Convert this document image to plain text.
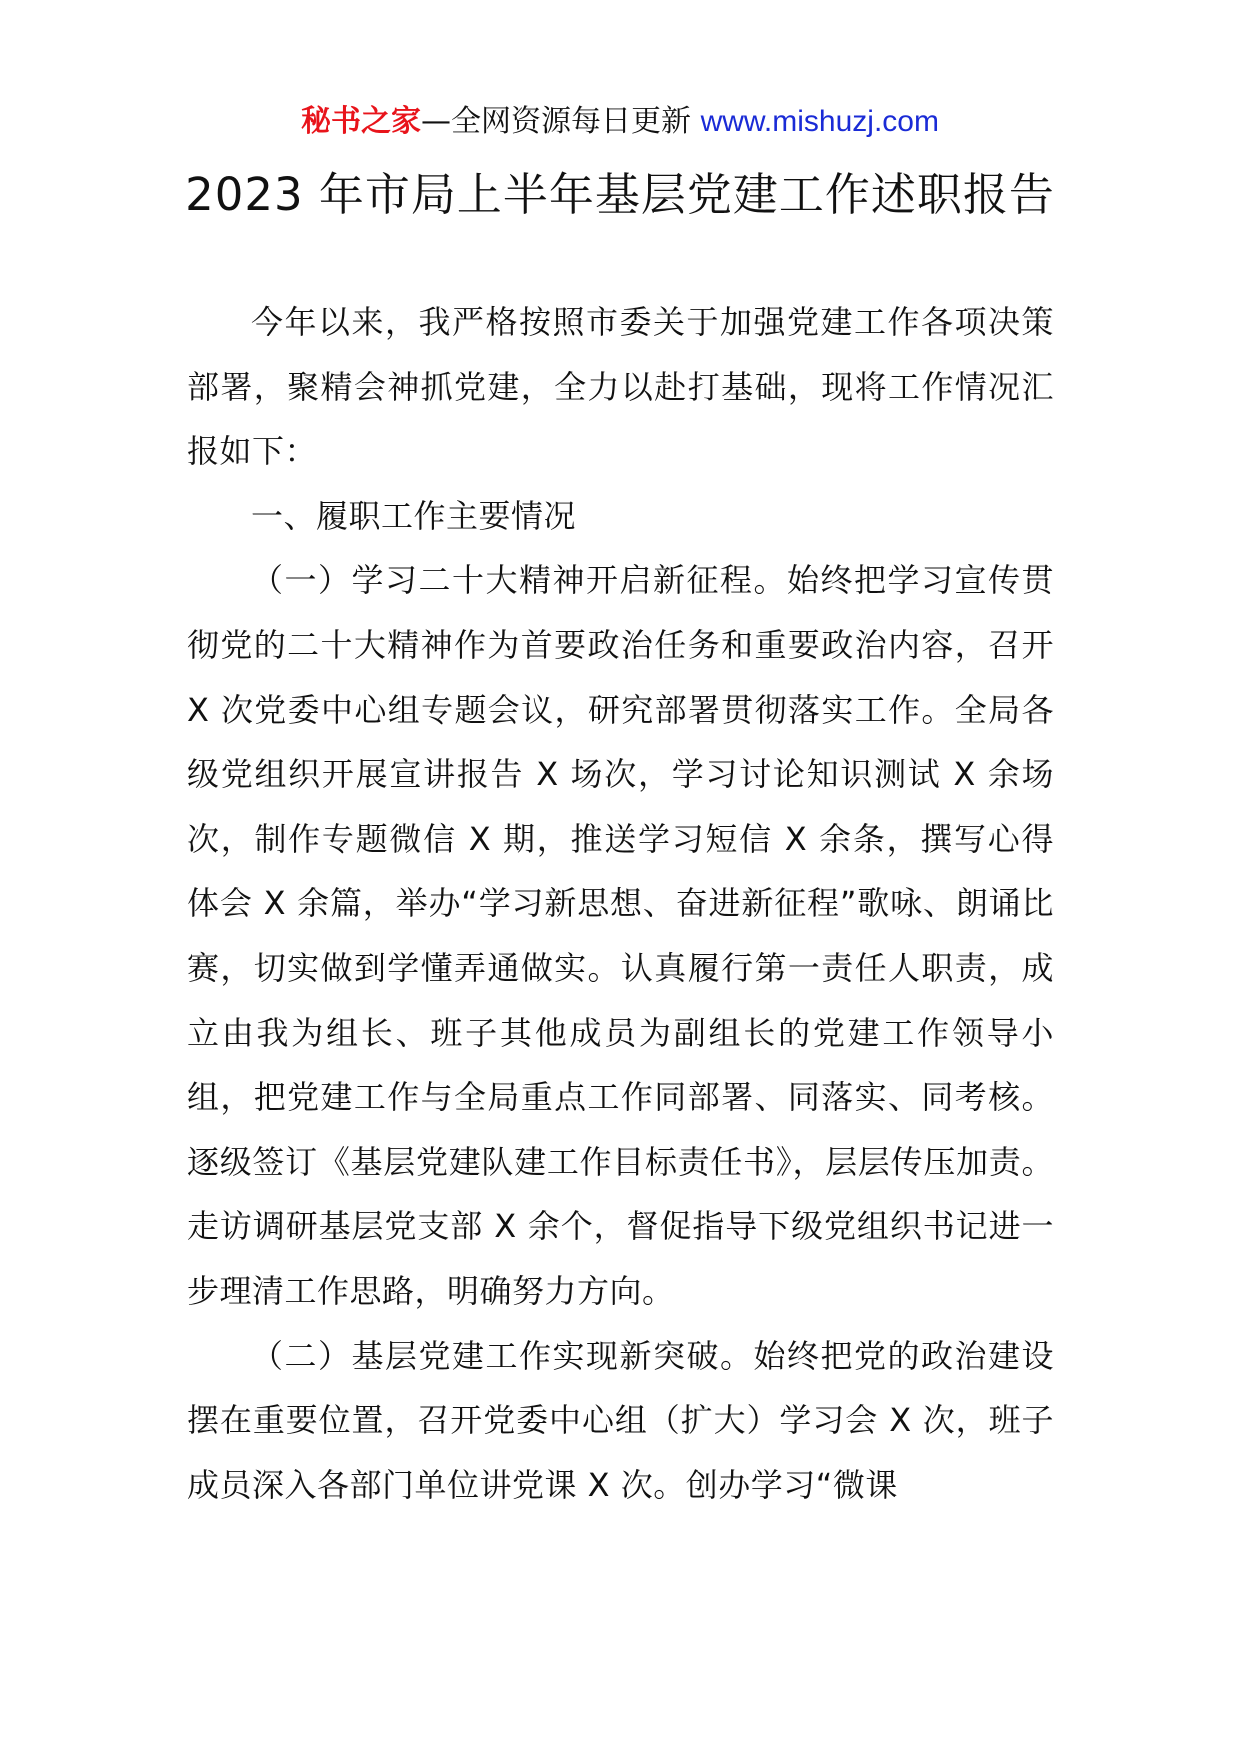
秘书之家—全网资源每日更新 www.mishuzj.com
2023 年市局上半年基层党建工作述职报告

今年以来，我严格按照市委关于加强党建工作各项决策部署，聚精会神抓党建，全力以赴打基础，现将工作情况汇报如下：

一、履职工作主要情况

（一）学习二十大精神开启新征程。始终把学习宣传贯彻党的二十大精神作为首要政治任务和重要政治内容，召开 X 次党委中心组专题会议，研究部署贯彻落实工作。全局各级党组织开展宣讲报告 X 场次，学习讨论知识测试 X 余场次，制作专题微信 X 期，推送学习短信 X 余条，撰写心得体会 X 余篇，举办“学习新思想、奋进新征程”歌咏、朗诵比赛，切实做到学懂弄通做实。认真履行第一责任人职责，成立由我为组长、班子其他成员为副组长的党建工作领导小组，把党建工作与全局重点工作同部署、同落实、同考核。逐级签订《基层党建队建工作目标责任书》，层层传压加责。走访调研基层党支部 X 余个，督促指导下级党组织书记进一步理清工作思路，明确努力方向。

（二）基层党建工作实现新突破。始终把党的政治建设摆在重要位置，召开党委中心组（扩大）学习会 X 次，班子成员深入各部门单位讲党课 X 次。创办学习“微课
